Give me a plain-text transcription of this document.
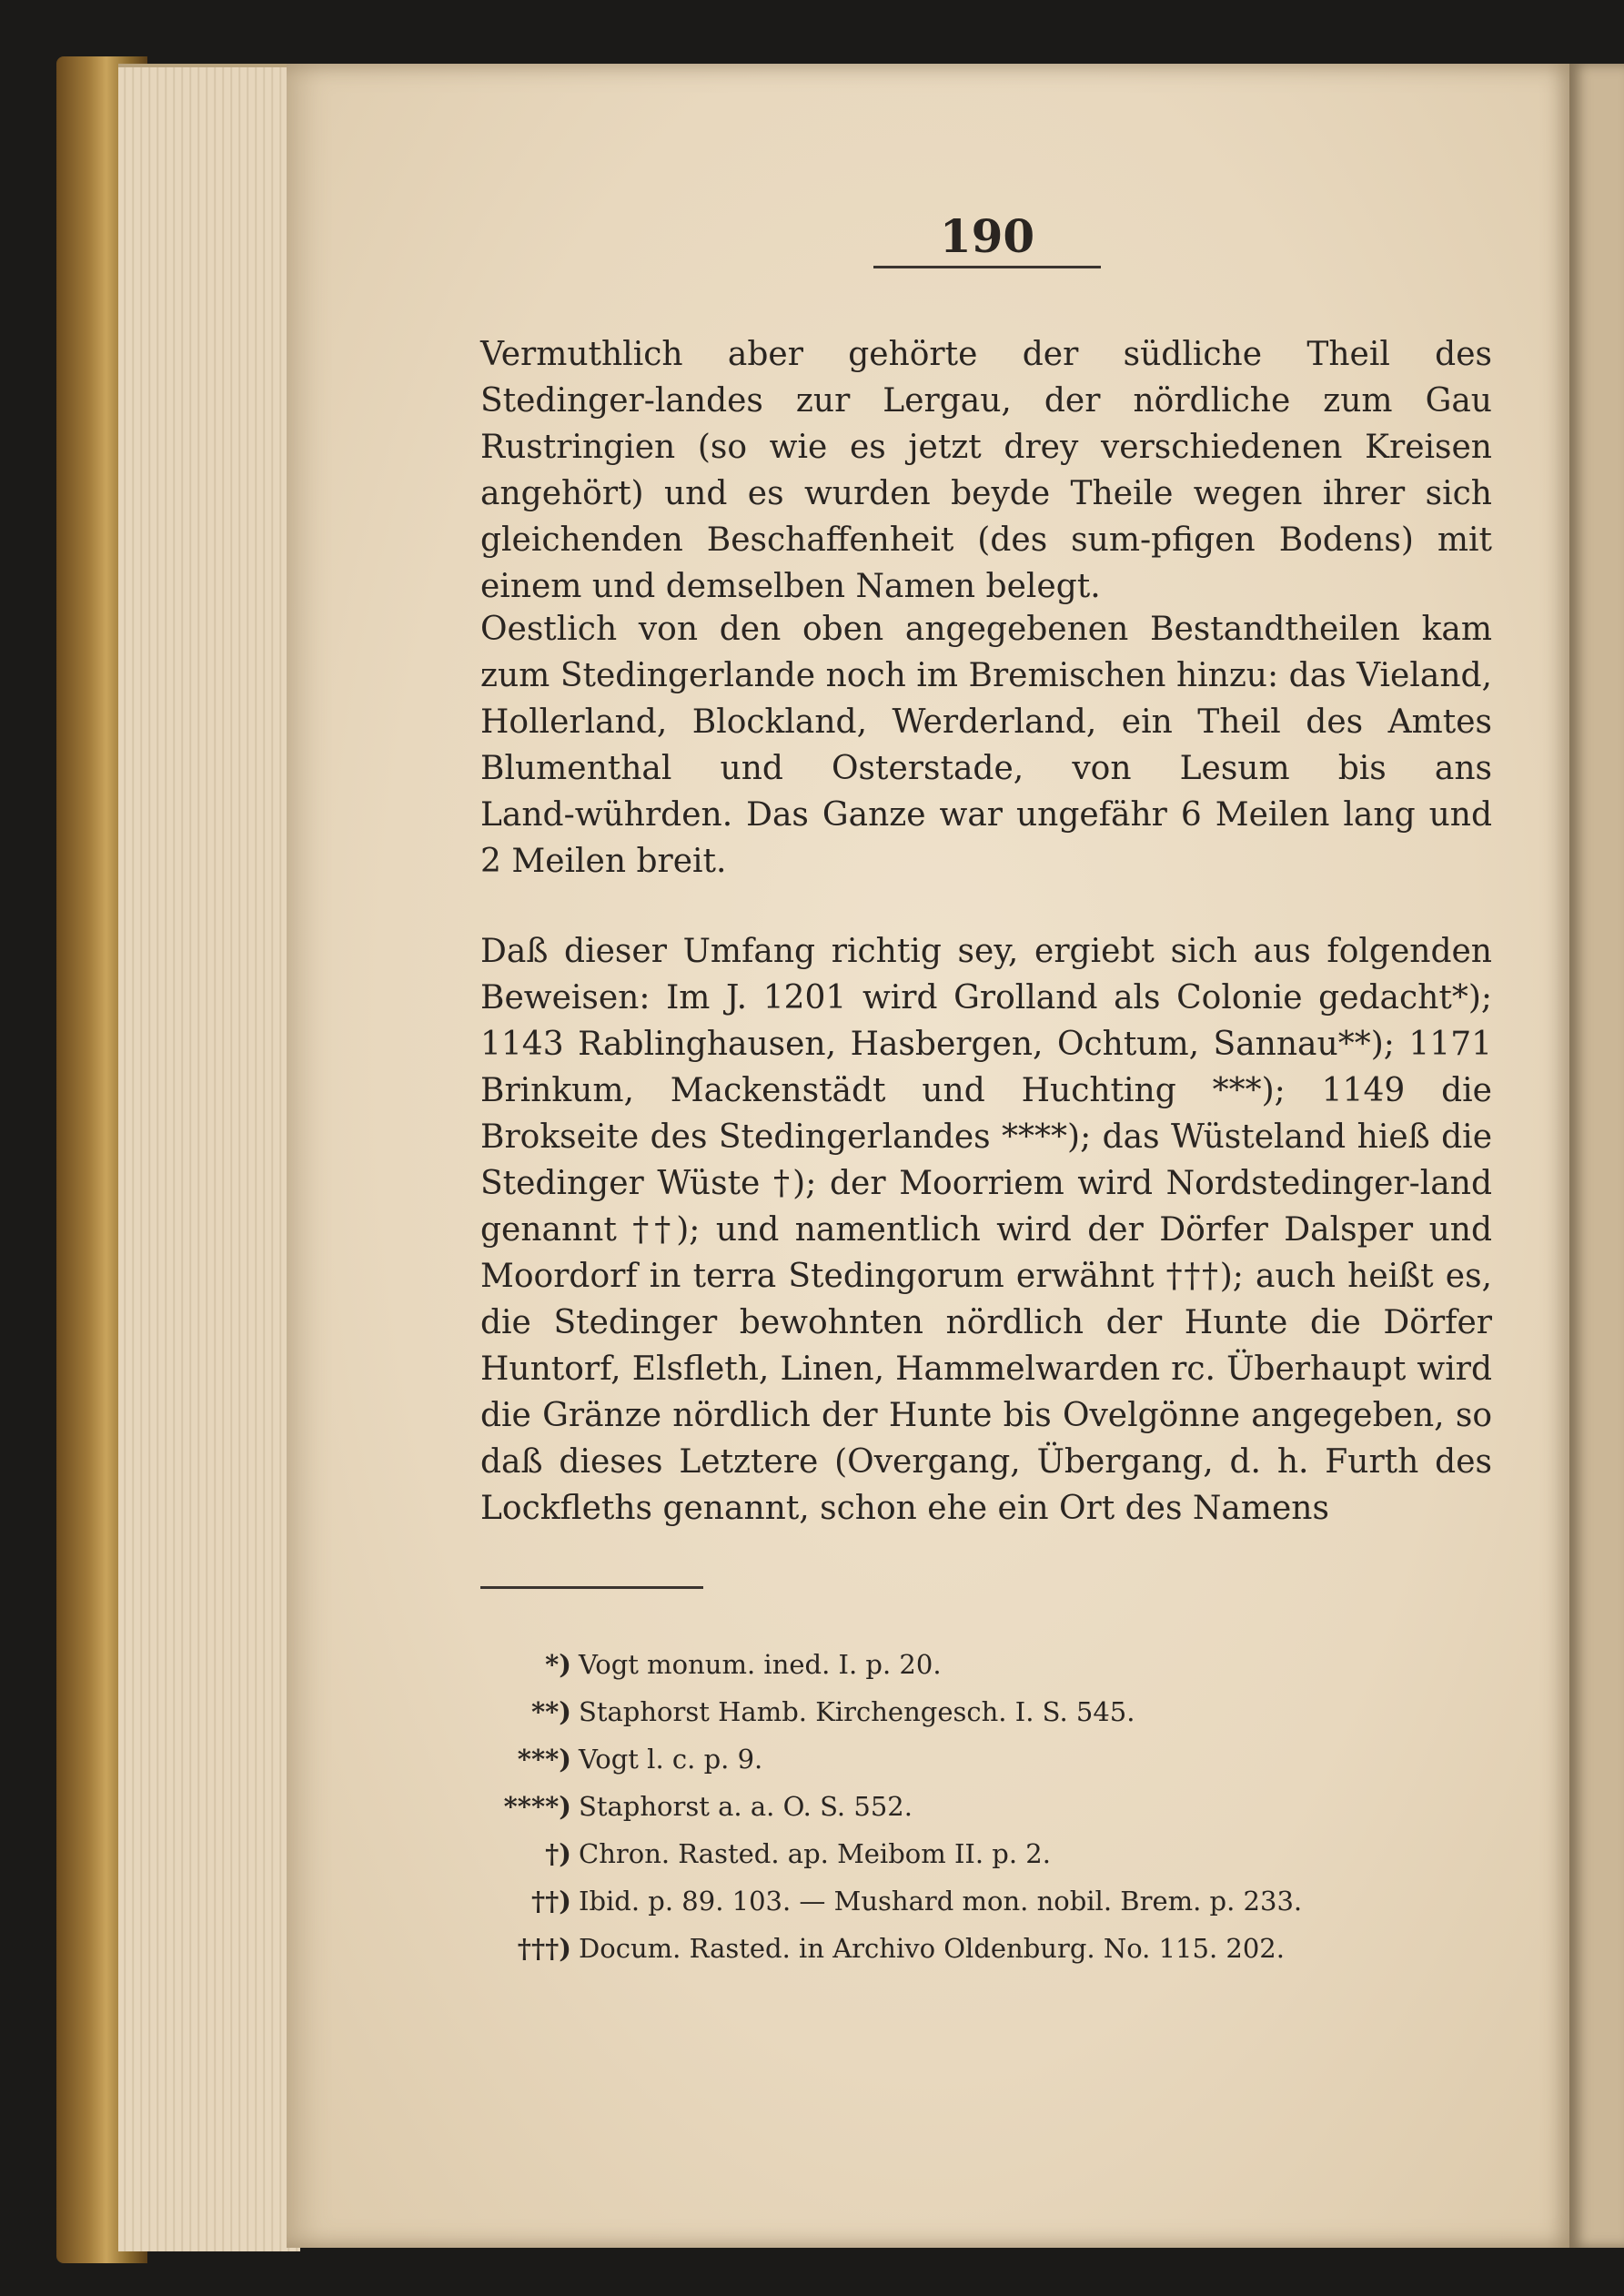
190
Vermuthlich aber gehörte der südliche Theil des Stedinger‑landes zur Lergau, der nördliche zum Gau Rustringien (so wie es jetzt drey verschiedenen Kreisen angehört) und es wurden beyde Theile wegen ihrer sich gleichenden Beschaffenheit (des sum‑pfigen Bodens) mit einem und demselben Namen belegt.
Oestlich von den oben angegebenen Bestandtheilen kam zum Stedingerlande noch im Bremischen hinzu: das Vieland, Hollerland, Blockland, Werderland, ein Theil des Amtes Blumenthal und Osterstade, von Lesum bis ans Land‑wührden. Das Ganze war ungefähr 6 Meilen lang und 2 Meilen breit.
Daß dieser Umfang richtig sey, ergiebt sich aus folgenden Beweisen: Im J. 1201 wird Grolland als Colonie gedacht*); 1143 Rablinghausen, Hasbergen, Ochtum, Sannau**); 1171 Brinkum, Mackenstädt und Huchting ***); 1149 die Brokseite des Stedingerlandes ****); das Wüsteland hieß die Stedinger Wüste †); der Moorriem wird Nordstedinger‑land genannt ††); und namentlich wird der Dörfer Dalsper und Moordorf in terra Stedingorum erwähnt †††); auch heißt es, die Stedinger bewohnten nördlich der Hunte die Dörfer Huntorf, Elsfleth, Linen, Hammelwarden rc. Überhaupt wird die Gränze nördlich der Hunte bis Ovelgönne angegeben, so daß dieses Letztere (Overgang, Übergang, d. h. Furth des Lockfleths genannt, schon ehe ein Ort des Namens
*) Vogt monum. ined. I. p. 20.
**) Staphorst Hamb. Kirchengesch. I. S. 545.
***) Vogt l. c. p. 9.
****) Staphorst a. a. O. S. 552.
†) Chron. Rasted. ap. Meibom II. p. 2.
††) Ibid. p. 89. 103. — Mushard mon. nobil. Brem. p. 233.
†††) Docum. Rasted. in Archivo Oldenburg. No. 115. 202.
